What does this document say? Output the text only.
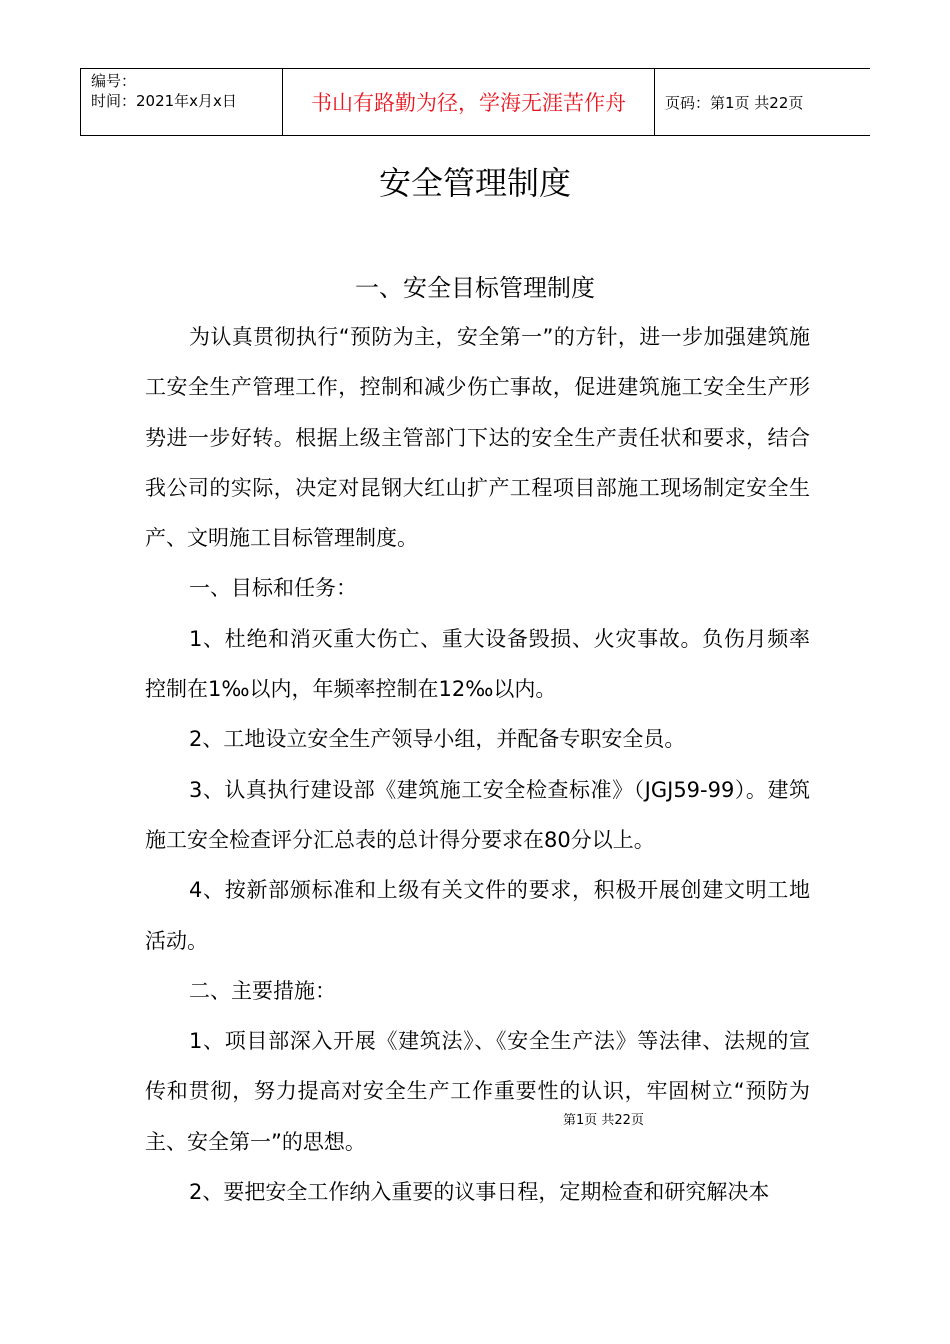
编号：
时间：2021年x月x日	书山有路勤为径，学海无涯苦作舟	页码：第1页 共22页
安全管理制度
一、安全目标管理制度

为认真贯彻执行“预防为主，安全第一”的方针，进一步加强建筑施工安全生产管理工作，控制和减少伤亡事故，促进建筑施工安全生产形势进一步好转。根据上级主管部门下达的安全生产责任状和要求，结合我公司的实际，决定对昆钢大红山扩产工程项目部施工现场制定安全生产、文明施工目标管理制度。

一、目标和任务：

1、杜绝和消灭重大伤亡、重大设备毁损、火灾事故。负伤月频率控制在1‰以内，年频率控制在12‰以内。

2、工地设立安全生产领导小组，并配备专职安全员。

3、认真执行建设部《建筑施工安全检查标准》（JGJ59-99）。建筑施工安全检查评分汇总表的总计得分要求在80分以上。

4、按新部颁标准和上级有关文件的要求，积极开展创建文明工地活动。

二、主要措施：

1、项目部深入开展《建筑法》、《安全生产法》等法律、法规的宣传和贯彻，努力提高对安全生产工作重要性的认识，牢固树立“预防为主、安全第一”的思想。

2、要把安全工作纳入重要的议事日程，定期检查和研究解决本

第1页 共22页
